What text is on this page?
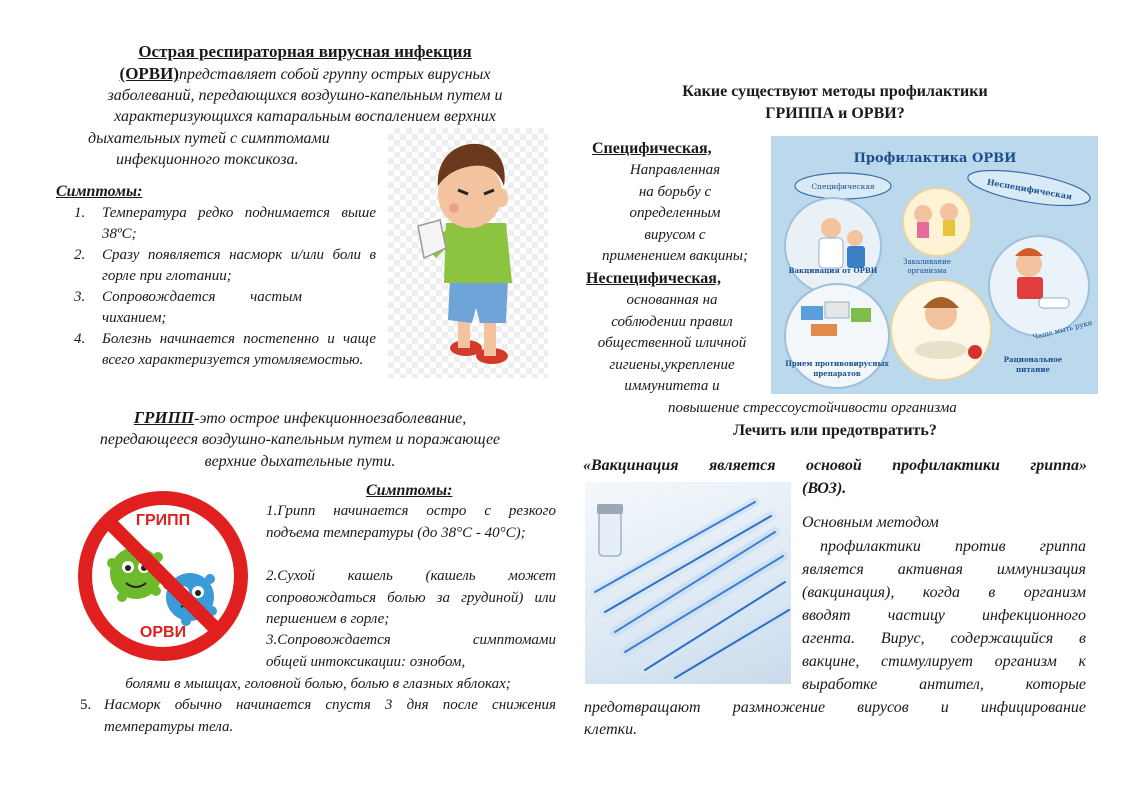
Острая респираторная вирусная инфекция
(ОРВИ)представляет собой группу острых вирусных
заболеваний, передающихся воздушно-капельным путем и
характеризующихся катаральным воспалением верхних
дыхательных путей с симптомами
инфекционного токсикоза.
Симптомы:
1.	Температура редко поднимается выше 38ºС;
2.	Сразу появляется насморк и/или боли в горле при глотании;
3.	Сопровождается частым чиханием;
4.	Болезнь начинается постепенно и чаще всего характеризуется утомляемостью.
ГРИПП-это острое инфекционноезаболевание,
передающееся воздушно-капельным путем и поражающее
верхние дыхательные пути.
ГРИПП
ОРВИ
Симптомы:
1.Грипп начинается остро с резкого подъема температуры (до 38°С - 40°С);
2.Сухой кашель (кашель может сопровождаться болью за грудиной) или першением в горле;
3.Сопровождается симптомами
общей интоксикации: ознобом,
болями в мышцах, головной болью, болью в глазных яблоках;
5. Насморк обычно начинается спустя 3 дня после снижения температуры тела.
Какие существуют методы профилактики
ГРИППА и ОРВИ?
Специфическая,
Направленная
на борьбу с
определенным
вирусом с
применением вакцины;
Неспецифическая,
основанная на
соблюдении правил
общественной иличной
гигиены,укрепление
иммунитета и
повышение стрессоустойчивости организма
Профилактика ОРВИ
Специфическая	Неспецифическая
Вакцинация от ОРВИ
Закаливание
организма
Чаще мыть руки
Прием противовирусных
препаратов
Рациональное
питание
Лечить или предотвратить?
«Вакцинация является основой профилактики гриппа»
(ВОЗ).
Основным методом
профилактики против гриппа
является активная иммунизация
(вакцинация), когда в организм
вводят частицу инфекционного
агента. Вирус, содержащийся в
вакцине, стимулирует организм к
выработке антител, которые
предотвращают размножение вирусов и инфицирование
клетки.
